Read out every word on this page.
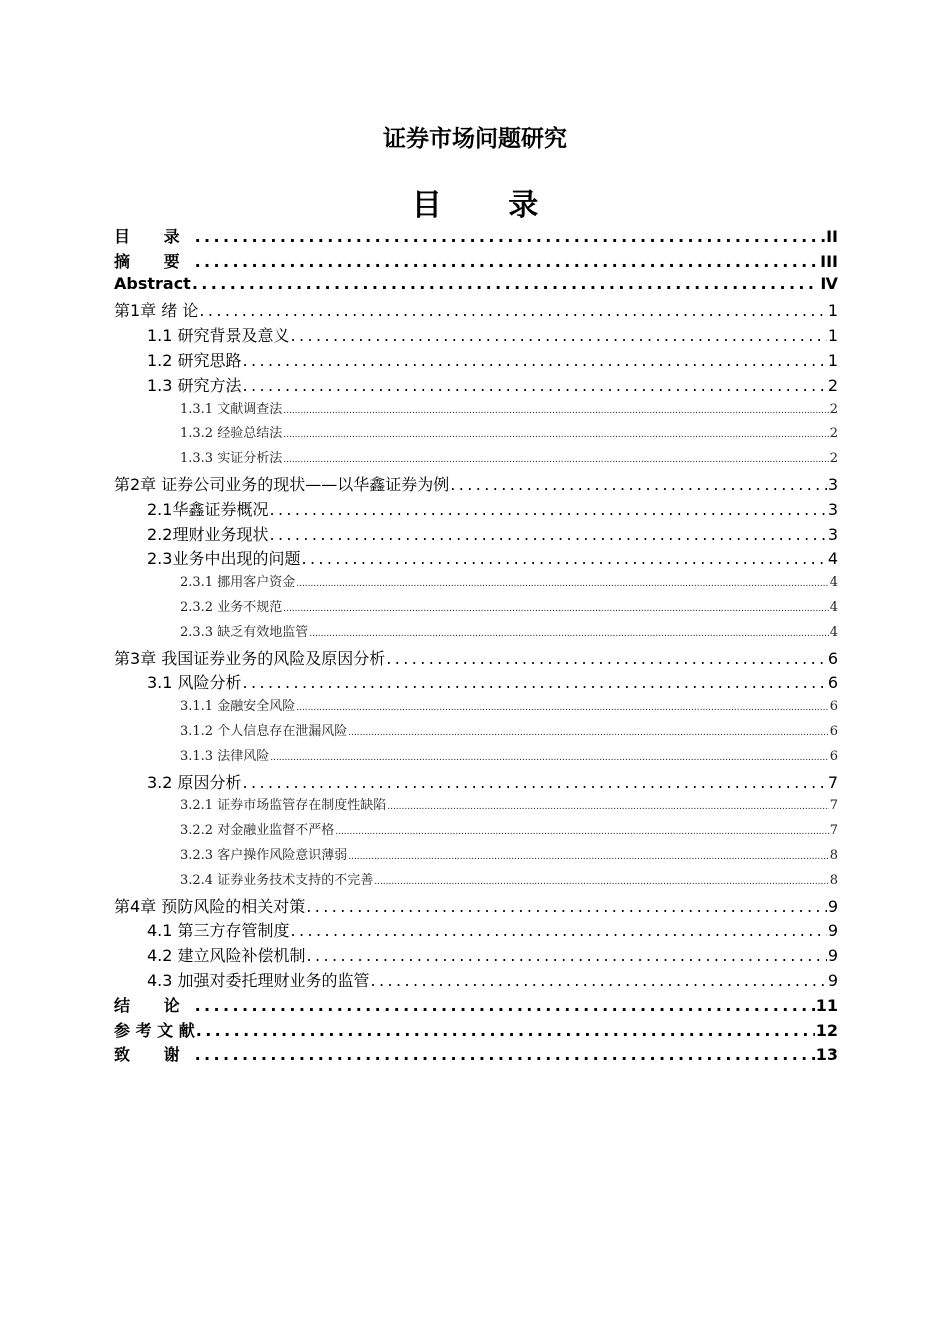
证券市场问题研究
目 录
目 录 .....	II
摘 要 .....	III
Abstract .....	Ⅳ
第1章 绪 论 .....	1
1.1 研究背景及意义 .....	1
1.2 研究思路 .....	1
1.3 研究方法 .....	2
1.3.1 文献调查法 .....	2
1.3.2 经验总结法 .....	2
1.3.3 实证分析法 .....	2
第2章 证券公司业务的现状——以华鑫证券为例 .....	3
2.1华鑫证券概况 .....	3
2.2理财业务现状 .....	3
2.3业务中出现的问题 .....	4
2.3.1 挪用客户资金 .....	4
2.3.2 业务不规范 .....	4
2.3.3 缺乏有效地监管 .....	4
第3章 我国证券业务的风险及原因分析 .....	6
3.1 风险分析 .....	6
3.1.1 金融安全风险 .....	6
3.1.2 个人信息存在泄漏风险 .....	6
3.1.3 法律风险 .....	6
3.2 原因分析 .....	7
3.2.1 证券市场监管存在制度性缺陷 .....	7
3.2.2 对金融业监督不严格 .....	7
3.2.3 客户操作风险意识薄弱 .....	8
3.2.4 证券业务技术支持的不完善 .....	8
第4章 预防风险的相关对策 .....	9
4.1 第三方存管制度 .....	9
4.2 建立风险补偿机制 .....	9
4.3 加强对委托理财业务的监管 .....	9
结 论 .....	11
参 考 文 献 .....	12
致 谢 .....	13
